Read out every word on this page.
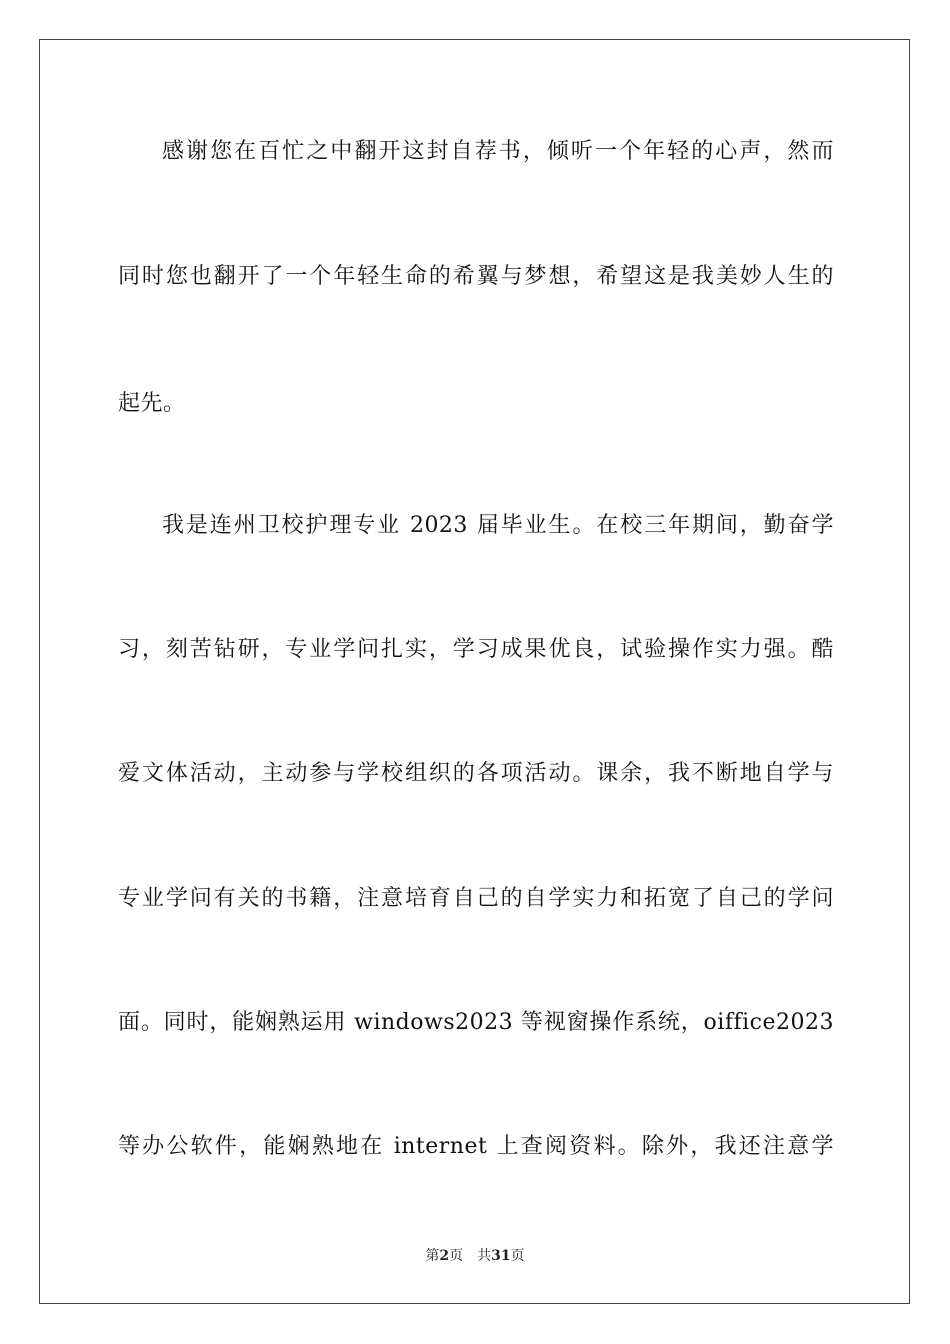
感谢您在百忙之中翻开这封自荐书，倾听一个年轻的心声，然而
同时您也翻开了一个年轻生命的希翼与梦想，希望这是我美妙人生的
起先。
我是连州卫校护理专业 2023 届毕业生。在校三年期间，勤奋学
习，刻苦钻研，专业学问扎实，学习成果优良，试验操作实力强。酷
爱文体活动，主动参与学校组织的各项活动。课余，我不断地自学与
专业学问有关的书籍，注意培育自己的自学实力和拓宽了自己的学问
面。同时，能娴熟运用 windows2023 等视窗操作系统，oiffice2023
等办公软件，能娴熟地在 internet 上查阅资料。除外，我还注意学
第2页 共31页
